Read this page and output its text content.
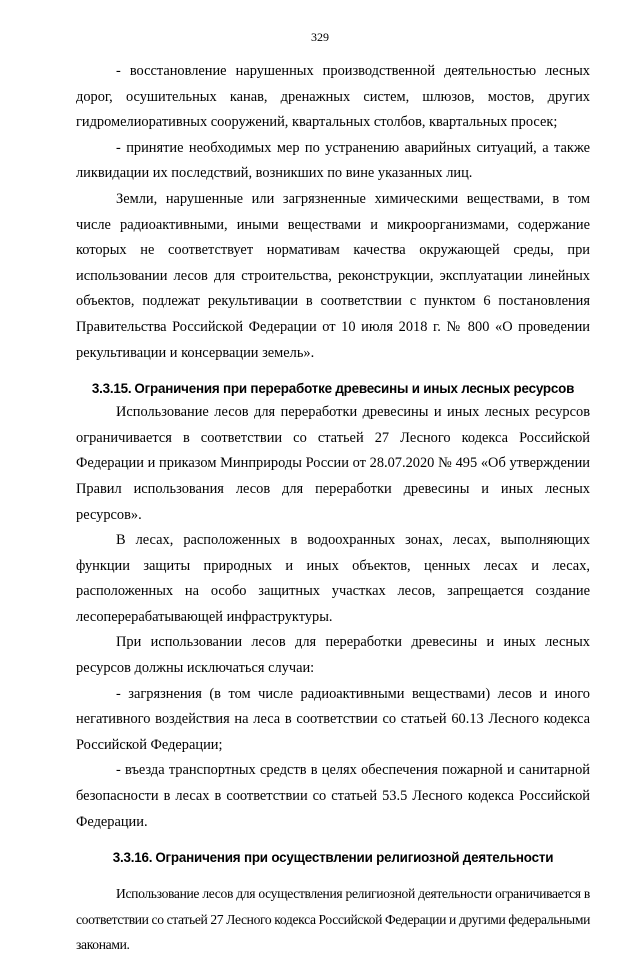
329

- восстановление нарушенных производственной деятельностью лесных дорог, осушительных канав, дренажных систем, шлюзов, мостов, других гидромелиоративных сооружений, квартальных столбов, квартальных просек;

- принятие необходимых мер по устранению аварийных ситуаций, а также ликвидации их последствий, возникших по вине указанных лиц.

Земли, нарушенные или загрязненные химическими веществами, в том числе радиоактивными, иными веществами и микроорганизмами, содержание которых не соответствует нормативам качества окружающей среды, при использовании лесов для строительства, реконструкции, эксплуатации линейных объектов, подлежат рекультивации в соответствии с пунктом 6 постановления Правительства Российской Федерации от 10 июля 2018 г. № 800 «О проведении рекультивации и консервации земель».

3.3.15. Ограничения при переработке древесины и иных лесных ресурсов

Использование лесов для переработки древесины и иных лесных ресурсов ограничивается в соответствии со статьей 27 Лесного кодекса Российской Федерации и приказом Минприроды России от 28.07.2020 № 495 «Об утверждении Правил использования лесов для переработки древесины и иных лесных ресурсов».

В лесах, расположенных в водоохранных зонах, лесах, выполняющих функции защиты природных и иных объектов, ценных лесах и лесах, расположенных на особо защитных участках лесов, запрещается создание лесоперерабатывающей инфраструктуры.

При использовании лесов для переработки древесины и иных лесных ресурсов должны исключаться случаи:

- загрязнения (в том числе радиоактивными веществами) лесов и иного негативного воздействия на леса в соответствии со статьей 60.13 Лесного кодекса Российской Федерации;

- въезда транспортных средств в целях обеспечения пожарной и санитарной безопасности в лесах в соответствии со статьей 53.5 Лесного кодекса Российской Федерации.

3.3.16. Ограничения при осуществлении религиозной деятельности

Использование лесов для осуществления религиозной деятельности ограничивается в соответствии со статьей 27 Лесного кодекса Российской Федерации и другими федеральными законами.
